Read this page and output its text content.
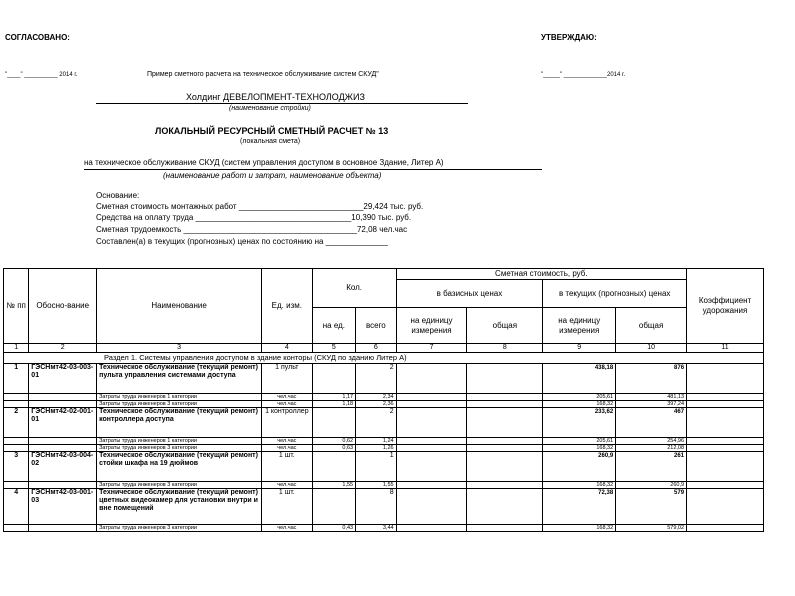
СОГЛАСОВАНО:	УТВЕРЖДАЮ:
"____" __________ 2014 г.	Пример сметного расчета на техническое обслуживание систем СКУД"	"_____" _____________2014 г.
Холдинг ДЕВЕЛОПМЕНТ-ТЕХНОЛОДЖИЗ
(наименование стройки)
ЛОКАЛЬНЫЙ РЕСУРСНЫЙ СМЕТНЫЙ РАСЧЕТ № 13
(локальная смета)
на техническое обслуживание СКУД (систем управления доступом в основное Здание, Литер А)
(наименование работ и затрат, наименование объекта)
Основание:
Сметная стоимость монтажных работ ____________________________29,424 тыс. руб.
Средства на оплату труда ___________________________________10,390 тыс. руб.
Сметная трудоемкость _______________________________________72,08 чел.час
Составлен(а) в текущих (прогнозных) ценах по состоянию на ______________
№ пп	Обосно-вание	Наименование	Ед. изм.	Кол.		Сметная стоимость, руб.				Коэффициент удорожания
						в базисных ценах		в текущих (прогнозных) ценах		
				на ед.	всего	на единицу измерения	общая	на единицу измерения	общая	
1	2	3	4	5	6	7	8	9	10	11
Раздел 1. Системы управления доступом в здание конторы (СКУД по зданию Литер А)										
1	ГЭСНмт42-03-003-01	Техническое обслуживание (текущий ремонт) пульта управления системами доступа	1 пульт		2			438,18	876	
		Затраты труда инженеров 1 категории	чел.час	1,17	2,34			205,61	481,13	
		Затраты труда инженеров 3 категории	чел.час	1,18	2,36			168,32	397,24	
2	ГЭСНмт42-02-001-01	Техническое обслуживание (текущий ремонт) контроллера доступа	1 контроллер		2			233,62	467	
		Затраты труда инженеров 1 категории	чел.час	0,62	1,24			205,61	254,96	
		Затраты труда инженеров 3 категории	чел.час	0,63	1,26			168,32	212,08	
3	ГЭСНмт42-03-004-02	Техническое обслуживание (текущий ремонт) стойки шкафа на 19 дюймов	1 шт.		1			260,9	261	
		Затраты труда инженеров 3 категории	чел.час	1,55	1,55			168,32	260,9	
4	ГЭСНмт42-03-001-03	Техническое обслуживание (текущий ремонт) цветных видеокамер для установки внутри и вне помещений	1 шт.		8			72,38	579	
		Затраты труда инженеров 3 категории	чел.час	0,43	3,44			168,32	579,02	
